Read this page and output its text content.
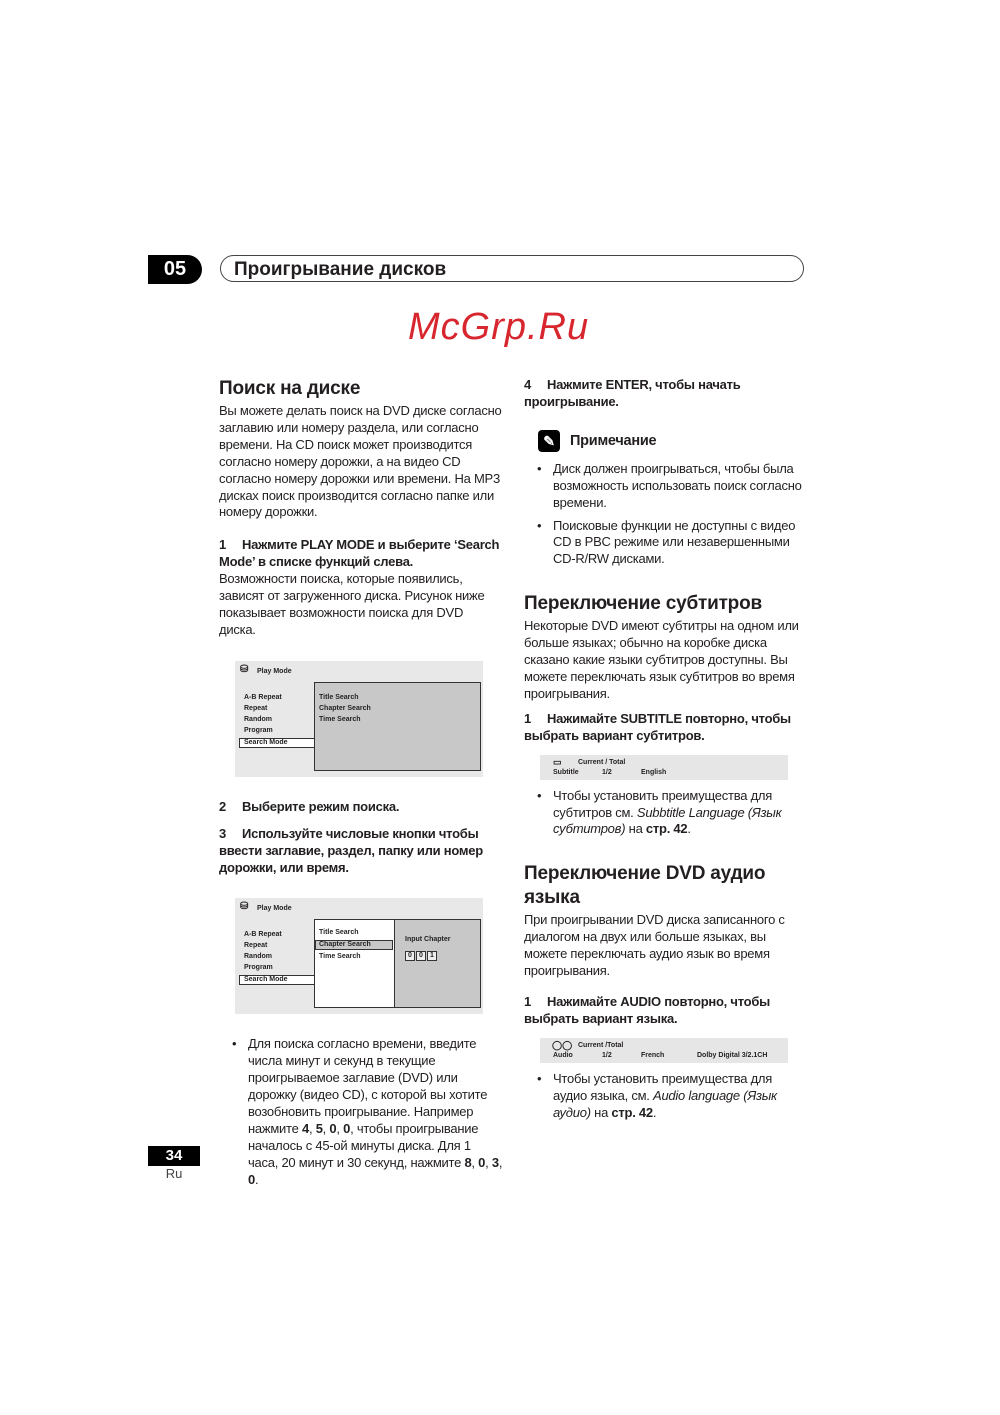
05	Проигрывание дисков
McGrp.Ru
Поиск на диске

Вы можете делать поиск на DVD диске согласно заглавию или номеру раздела, или согласно времени. На CD поиск может производится согласно номеру дорожки, а на видео CD согласно номеру дорожки или времени. На MP3 дисках поиск производится согласно папке или номеру дорожки.

1 Нажмите PLAY MODE и выберите ‘Search Mode’ в списке функций слева.

Возможности поиска, которые появились, зависят от загруженного диска. Рисунок ниже показывает возможности поиска для DVD диска.

⛁ Play Mode
A-B Repeat
Repeat
Random
Program
Search Mode
Title Search
Chapter Search
Time Search

2 Выберите режим поиска.

3 Используйте числовые кнопки чтобы ввести заглавие, раздел, папку или номер дорожки, или время.

⛁ Play Mode
A-B Repeat
Repeat
Random
Program
Search Mode
Title Search
Chapter Search
Time Search
Input Chapter
0	0	1
• Для поиска согласно времени, введите числа минут и секунд в текущие проигрываемое заглавие (DVD) или дорожку (видео CD), с которой вы хотите возобновить проигрывание. Например нажмите 4, 5, 0, 0, чтобы проигрывание началось с 45-ой минуты диска. Для 1 часа, 20 минут и 30 секунд, нажмите 8, 0, 3, 0.

4 Нажмите ENTER, чтобы начать проигрывание.

✎ Примечание
• Диск должен проигрываться, чтобы была возможность использовать поиск согласно времени.
• Поисковые функции не доступны с видео CD в PBC режиме или незавершенными CD-R/RW дисками.
Переключение субтитров

Некоторые DVD имеют субтитры на одном или больше языках; обычно на коробке диска сказано какие языки субтитров доступны. Вы можете переключать язык субтитров во время проигрывания.

1 Нажимайте SUBTITLE повторно, чтобы выбрать вариант субтитров.

▭ Current / Total
Subtitle	1/2	English
• Чтобы установить преимущества для субтитров см. Subbtitle Language (Язык субтитров) на стр. 42.
Переключение DVD аудио языка

При проигрывании DVD диска записанного с диалогом на двух или больше языках, вы можете переключать аудио язык во время проигрывания.

1 Нажимайте AUDIO повторно, чтобы выбрать вариант языка.

◯◯ Current /Total
Audio	1/2	French	Dolby Digital 3/2.1CH
• Чтобы установить преимущества для аудио языка, см. Audio language (Язык аудио) на стр. 42.
34
Ru
